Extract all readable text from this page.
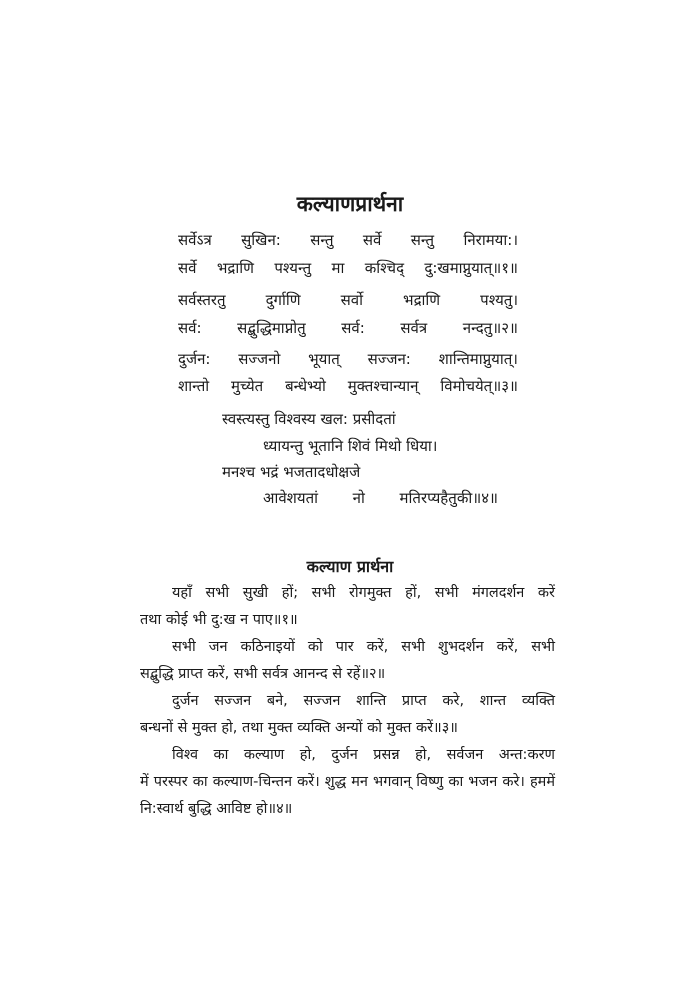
कल्याणप्रार्थना
सर्वेऽत्र सुखिन: सन्तु सर्वे सन्तु निरामया:।
सर्वे भद्राणि पश्यन्तु मा कश्चिद् दु:खमाप्नुयात्॥१॥
सर्वस्तरतु दुर्गाणि सर्वो भद्राणि पश्यतु।
सर्व: सद्बुद्धिमाप्नोतु सर्व: सर्वत्र नन्दतु॥२॥
दुर्जन: सज्जनो भूयात् सज्जन: शान्तिमाप्नुयात्।
शान्तो मुच्येत बन्धेभ्यो मुक्तश्चान्यान् विमोचयेत्॥३॥
स्वस्त्यस्तु विश्वस्य खल: प्रसीदतां
ध्यायन्तु भूतानि शिवं मिथो धिया।
मनश्च भद्रं भजतादधोक्षजे
आवेशयतां नो मतिरप्यहैतुकी॥४॥
कल्याण प्रार्थना
यहाँ सभी सुखी हों; सभी रोगमुक्त हों, सभी मंगलदर्शन करें
तथा कोई भी दु:ख न पाए॥१॥
सभी जन कठिनाइयों को पार करें, सभी शुभदर्शन करें, सभी
सद्बुद्धि प्राप्त करें, सभी सर्वत्र आनन्द से रहें॥२॥
दुर्जन सज्जन बने, सज्जन शान्ति प्राप्त करे, शान्त व्यक्ति
बन्धनों से मुक्त हो, तथा मुक्त व्यक्ति अन्यों को मुक्त करें॥३॥
विश्व का कल्याण हो, दुर्जन प्रसन्न हो, सर्वजन अन्त:करण
में परस्पर का कल्याण-चिन्तन करें। शुद्ध मन भगवान् विष्णु का भजन करे। हममें नि:स्वार्थ बुद्धि आविष्ट हो॥४॥
